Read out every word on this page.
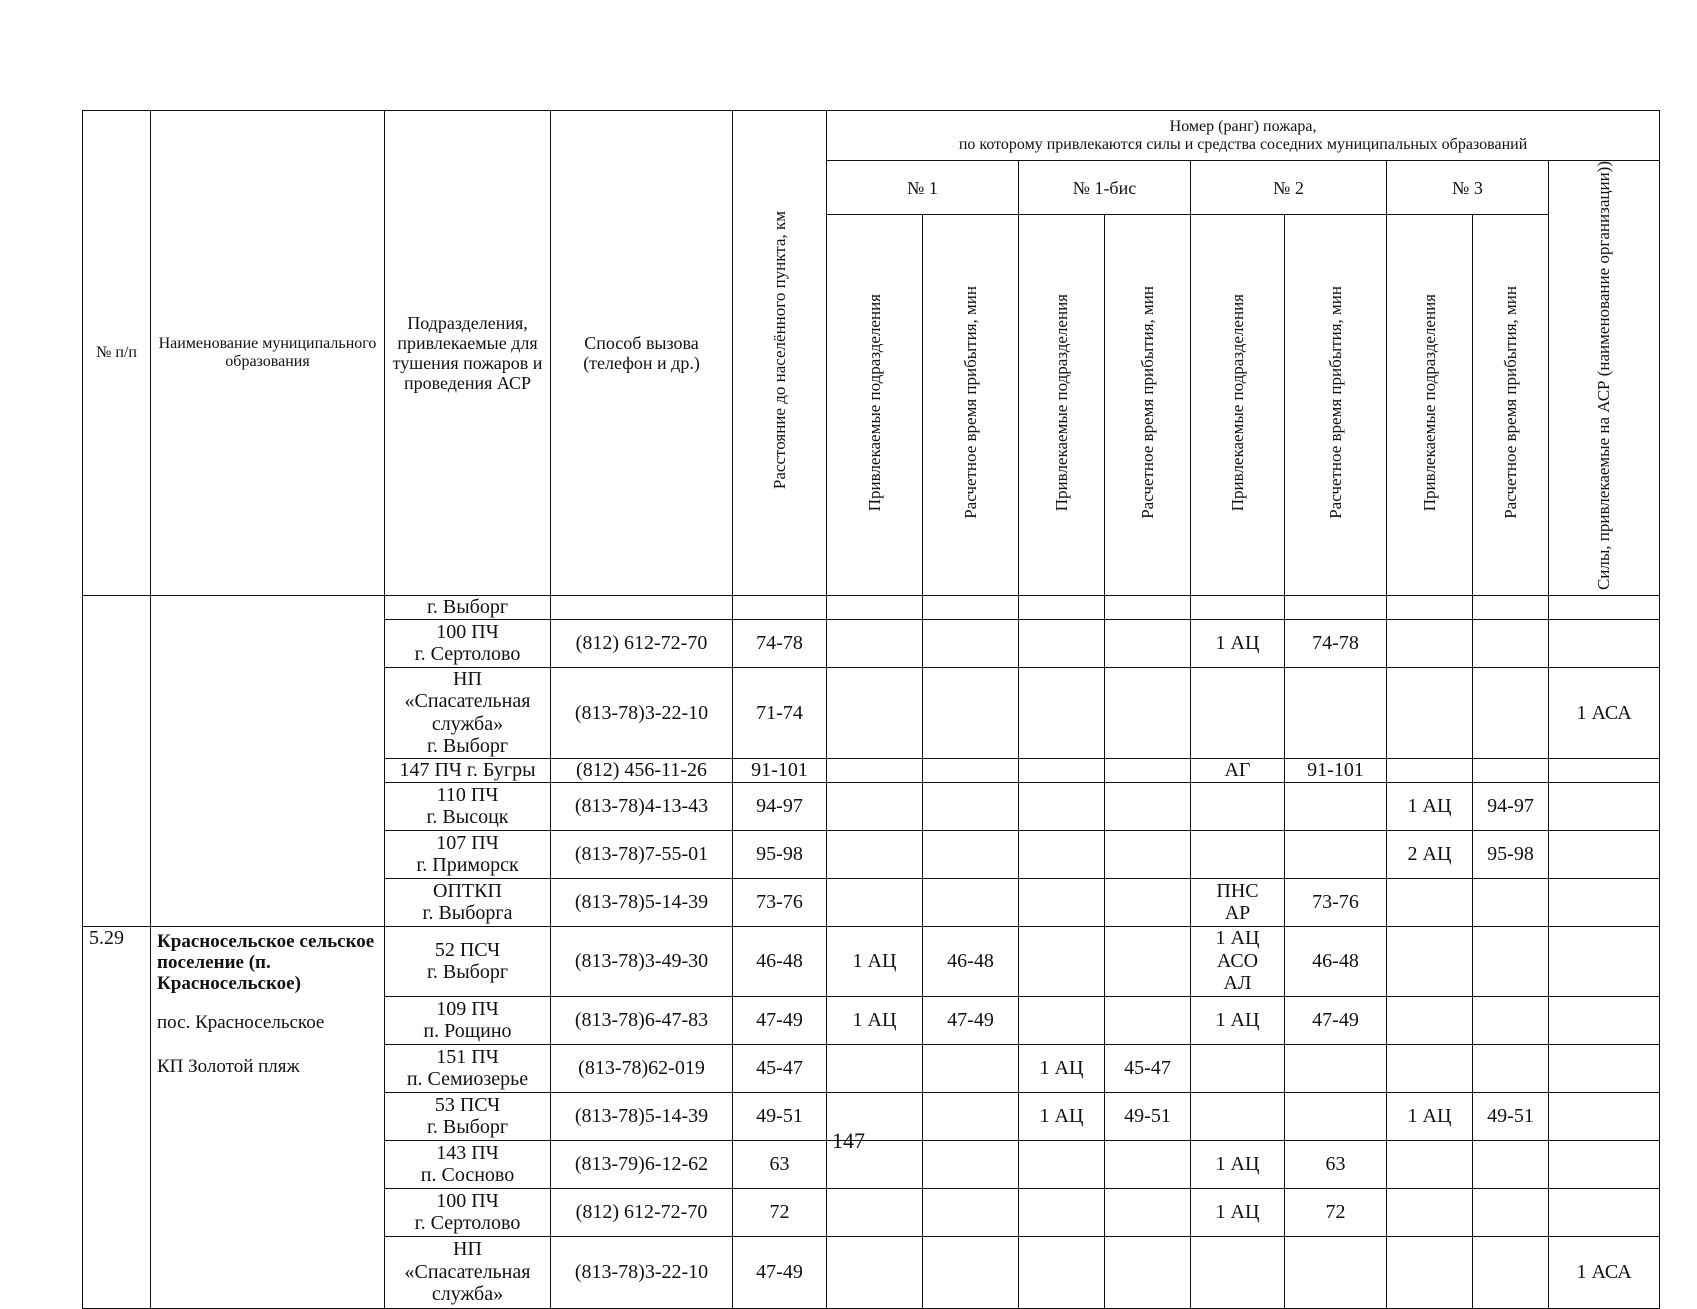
№ п/п	Наименование муниципального образования	Подразделения, привлекаемые для тушения пожаров и проведения АСР	Способ вызова (телефон и др.)	Расстояние до населённого пункта, км	Номер (ранг) пожара,
по которому привлекаются силы и средства соседних муниципальных образований								

					№ 1		№ 1-бис		№ 2		№ 3		Силы, привлекаемые на АСР (наименование организации))
					Привлекаемые подразделения	Расчетное время прибытия, мин	Привлекаемые подразделения	Расчетное время прибытия, мин	Привлекаемые подразделения	Расчетное время прибытия, мин	Привлекаемые подразделения	Расчетное время прибытия, мин	

		г. Выборг											

		100 ПЧ
г. Сертолово	(812) 612-72-70	74-78					1 АЦ	74-78			

		НП
«Спасательная
служба»
г. Выборг	(813-78)3-22-10	71-74									1 АСА

		147 ПЧ г. Бугры	(812) 456-11-26	91-101					АГ	91-101			

		110 ПЧ
г. Высоцк	(813-78)4-13-43	94-97							1 АЦ	94-97	

		107 ПЧ
г. Приморск	(813-78)7-55-01	95-98							2 АЦ	95-98	

		ОПТКП
г. Выборга	(813-78)5-14-39	73-76					ПНС
АР	73-76			
5.29	Красносельское сельское поселение (п. Красносельское)
пос. Красносельское
КП Золотой пляж	52 ПСЧ
г. Выборг	(813-78)3-49-30	46-48	1 АЦ	46-48			1 АЦ
АСО
АЛ	46-48			

		109 ПЧ
п. Рощино	(813-78)6-47-83	47-49	1 АЦ	47-49			1 АЦ	47-49			

		151 ПЧ
п. Семиозерье	(813-78)62-019	45-47			1 АЦ	45-47					

		53 ПСЧ
г. Выборг	(813-78)5-14-39	49-51			1 АЦ	49-51			1 АЦ	49-51	

		143 ПЧ
п. Сосново	(813-79)6-12-62	63					1 АЦ	63			

		100 ПЧ
г. Сертолово	(812) 612-72-70	72					1 АЦ	72			

		НП
«Спасательная
служба»	(813-78)3-22-10	47-49									1 АСА
147
